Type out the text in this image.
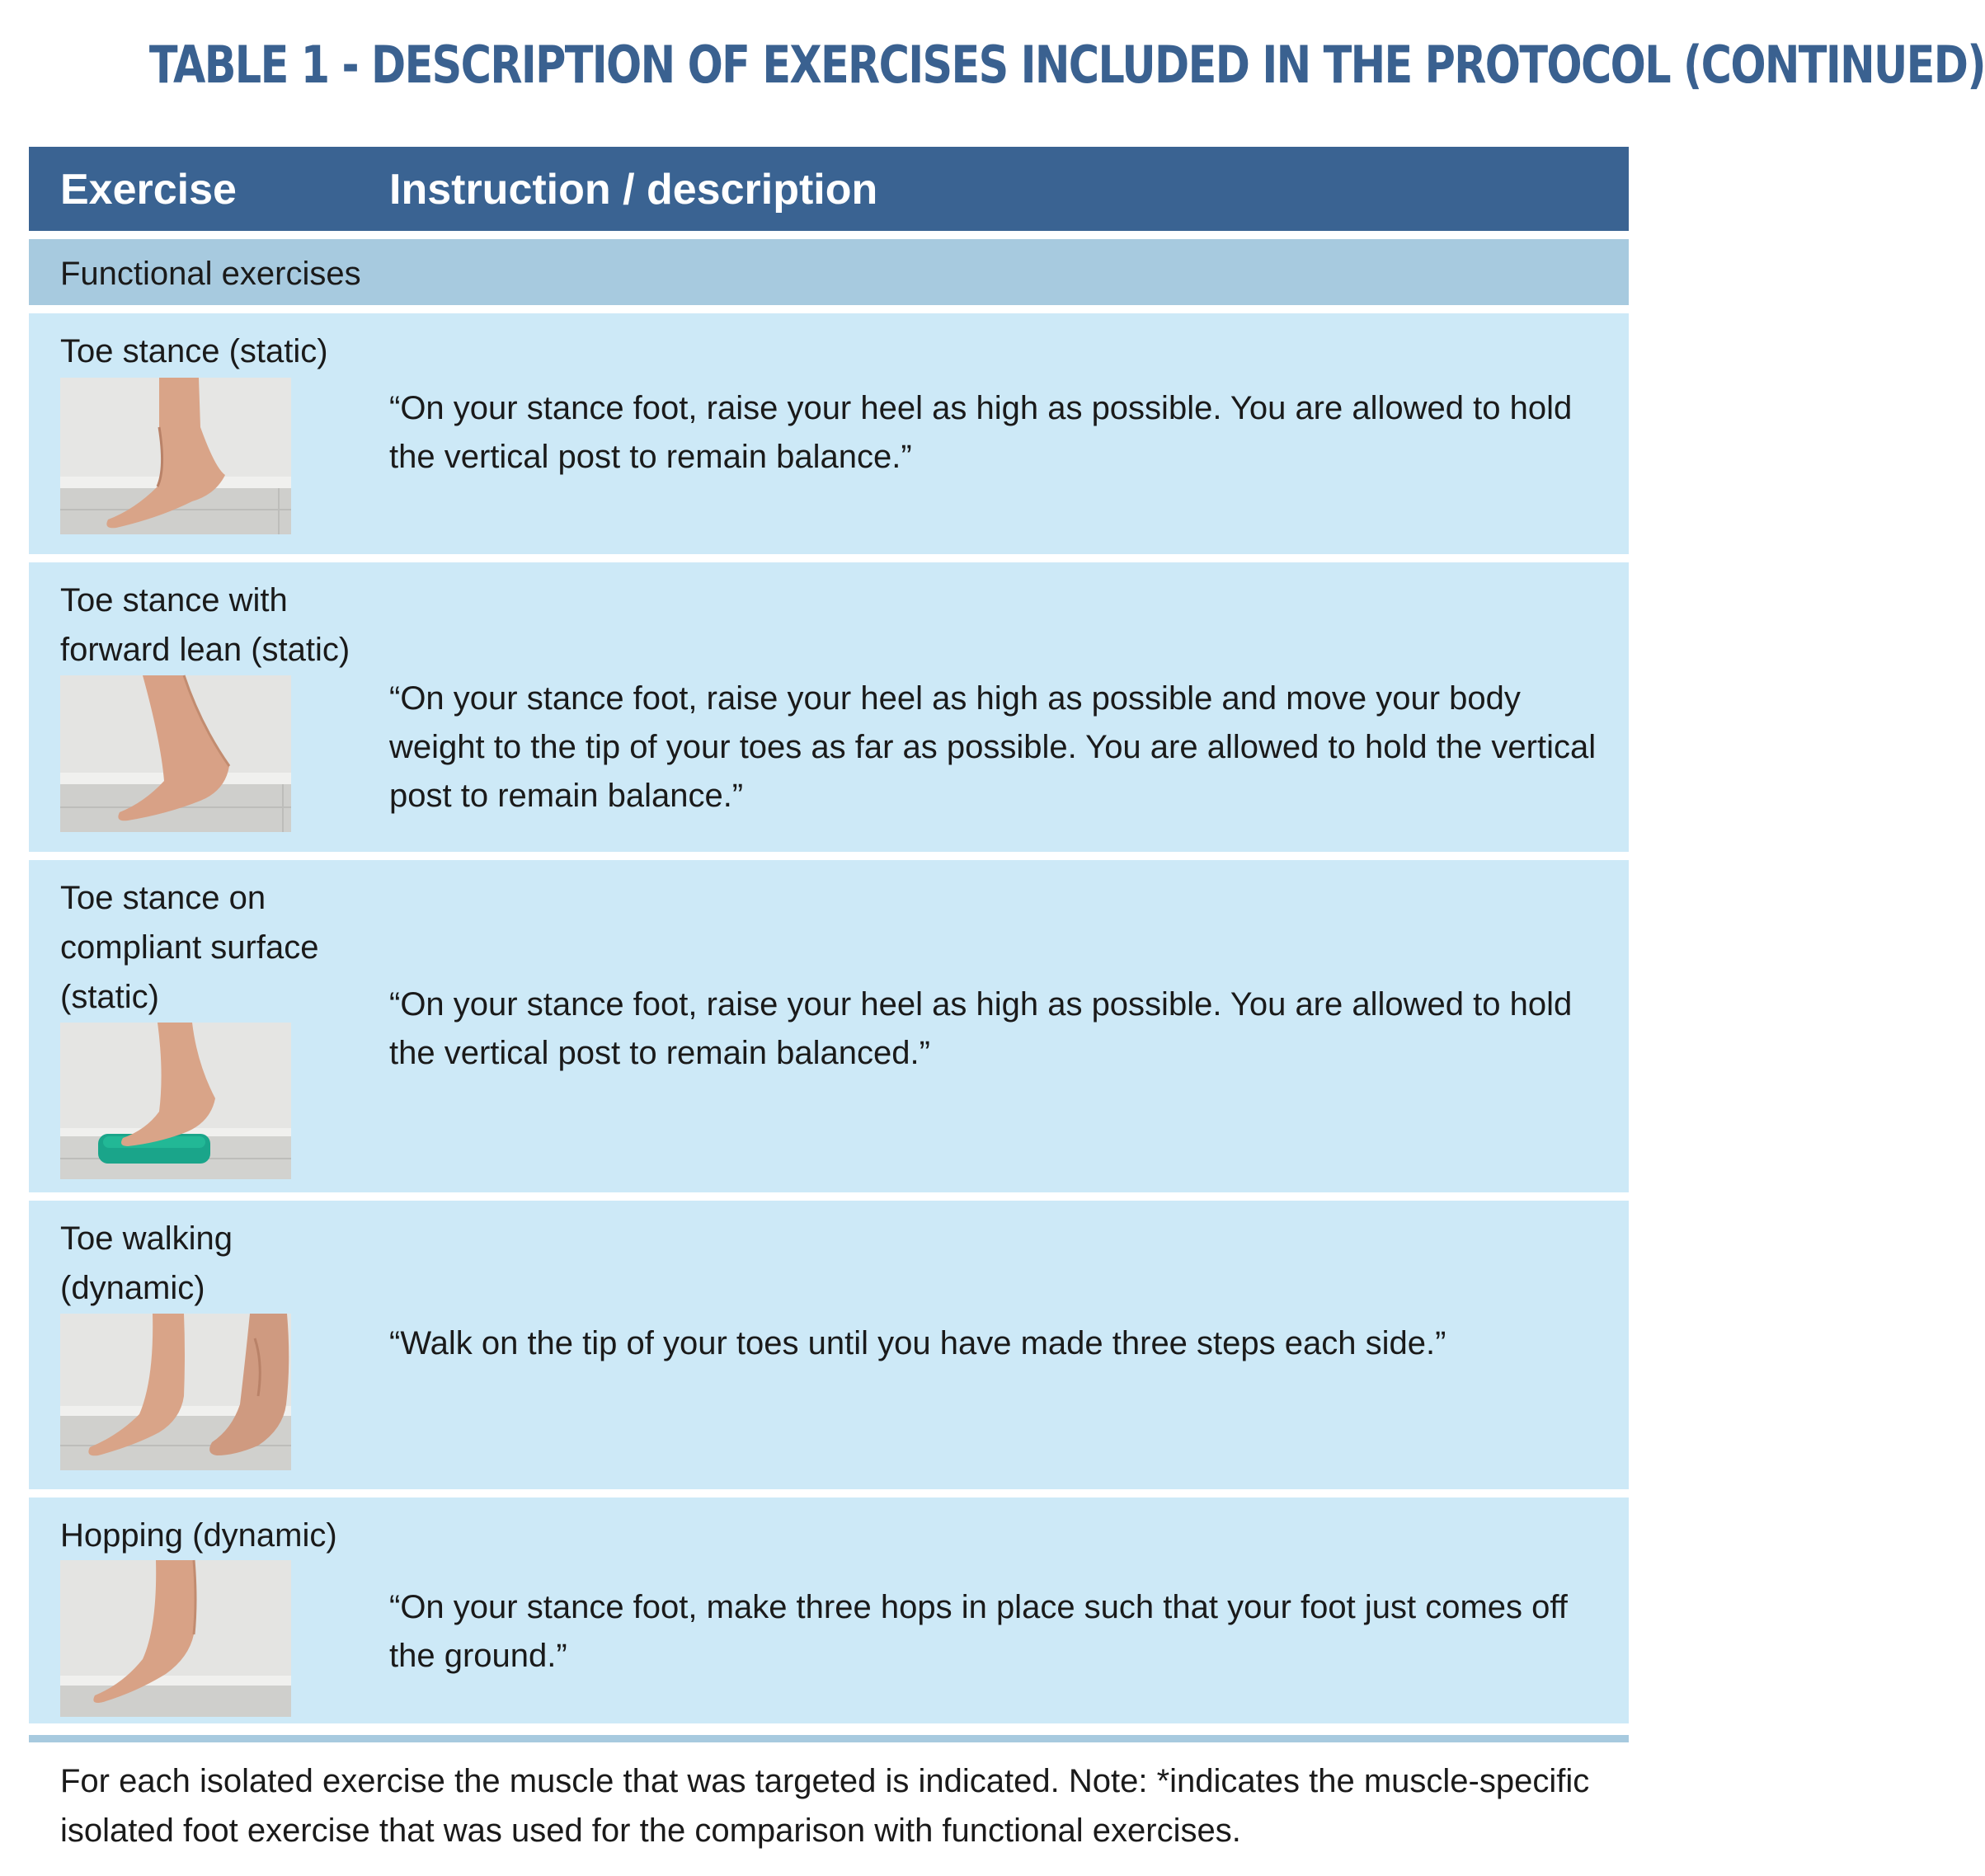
TABLE 1 - DESCRIPTION OF EXERCISES INCLUDED IN THE PROTOCOL (CONTINUED)
Exercise	Instruction / description
Functional exercises
Toe stance (static)
“On your stance foot, raise your heel as high as possible. You are allowed to hold the vertical post to remain balance.”
Toe stance with forward lean (static)
“On your stance foot, raise your heel as high as possible and move your body weight to the tip of your toes as far as possible. You are allowed to hold the vertical post to remain balance.”
Toe stance on compliant surface (static)	“On your stance foot, raise your heel as high as possible. You are allowed to hold the vertical post to remain balanced.”
Toe walking (dynamic)
“Walk on the tip of your toes until you have made three steps each side.”
Hopping (dynamic)
“On your stance foot, make three hops in place such that your foot just comes off the ground.”
For each isolated exercise the muscle that was targeted is indicated. Note: *indicates the muscle-specific isolated foot exercise that was used for the comparison with functional exercises.
